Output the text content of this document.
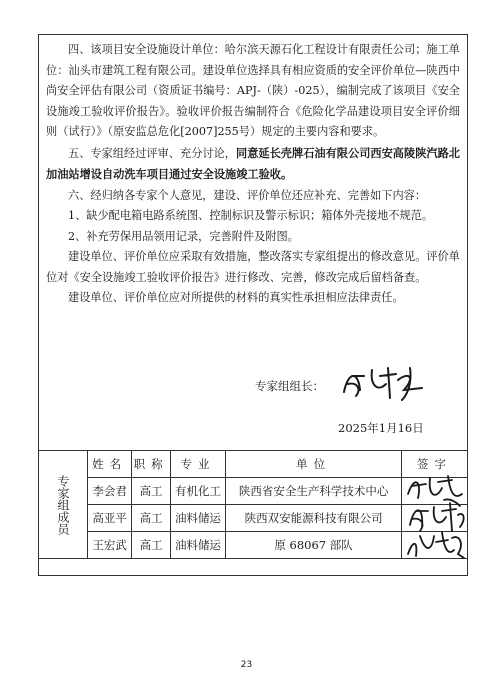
四、该项目安全设施设计单位：哈尔滨天源石化工程设计有限责任公司；施工单位：汕头市建筑工程有限公司。建设单位选择具有相应资质的安全评价单位—陕西中尚安全评估有限公司（资质证书编号：APJ-（陕）-025），编制完成了该项目《安全设施竣工验收评价报告》。验收评价报告编制符合《危险化学品建设项目安全评价细则（试行）》（原安监总危化[2007]255号）规定的主要内容和要求。

五、专家组经过评审、充分讨论，同意延长壳牌石油有限公司西安高陵陕汽路北加油站增设自动洗车项目通过安全设施竣工验收。

六、经归纳各专家个人意见，建设、评价单位还应补充、完善如下内容：

1、缺少配电箱电路系统图、控制标识及警示标识；箱体外壳接地不规范。

2、补充劳保用品领用记录，完善附件及附图。

建设单位、评价单位应采取有效措施，整改落实专家组提出的修改意见。评价单位对《安全设施竣工验收评价报告》进行修改、完善，修改完成后留档备查。

建设单位、评价单位应对所提供的材料的真实性承担相应法律责任。

专家组组长：
2025年1月16日
专家组成员	姓名	职称	专业	单位	签字
	李会君	高工	有机化工	陕西省安全生产科学技术中心	

	高亚平	高工	油料储运	陕西双安能源科技有限公司	

	王宏武	高工	油料储运	原 68067 部队	
23
